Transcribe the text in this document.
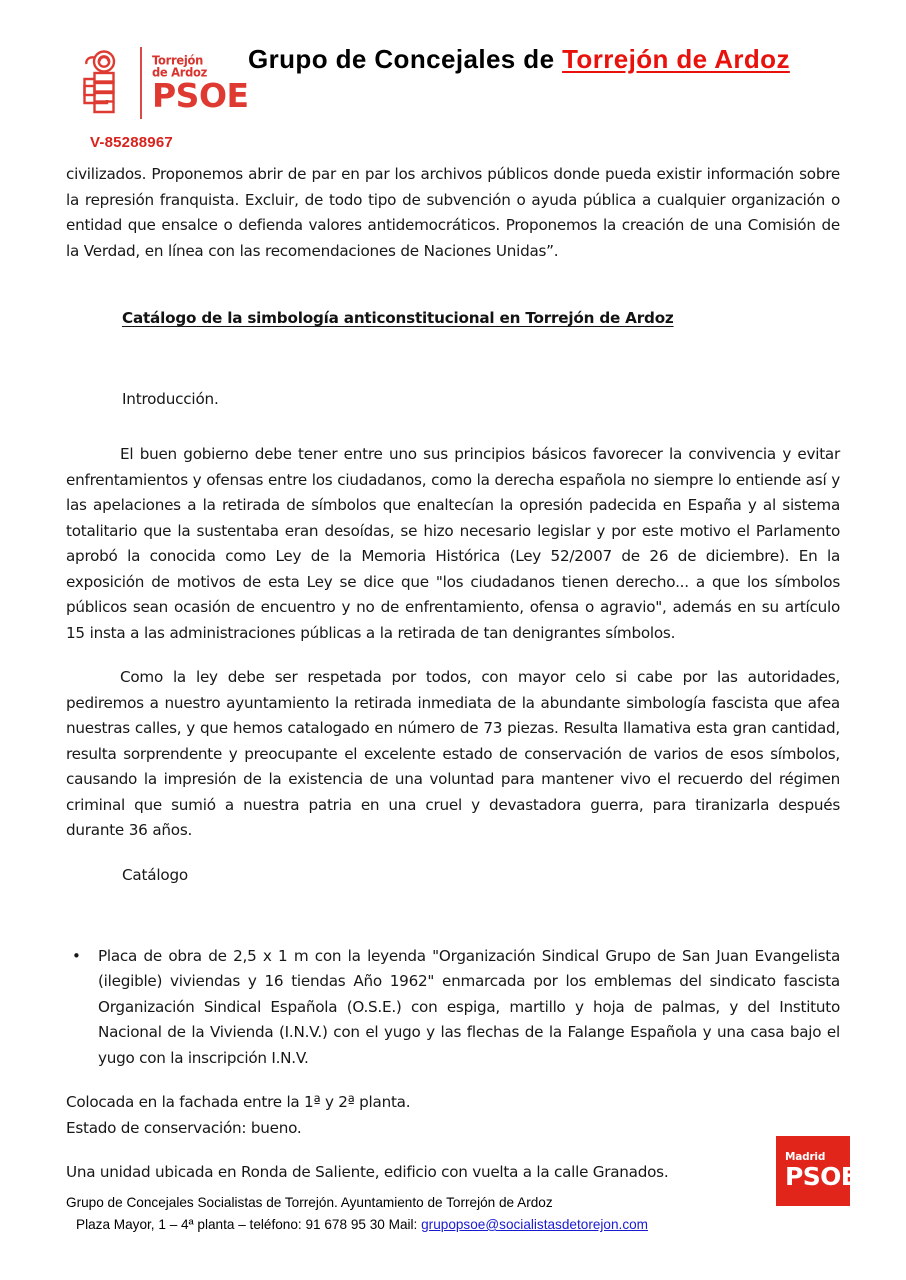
Torrejón
de Ardoz
PSOE
Grupo de Concejales de Torrejón de Ardoz
V-85288967

civilizados. Proponemos abrir de par en par los archivos públicos donde pueda existir información sobre la represión franquista. Excluir, de todo tipo de subvención o ayuda pública a cualquier organización o entidad que ensalce o defienda valores antidemocráticos. Proponemos la creación de una Comisión de la Verdad, en línea con las recomendaciones de Naciones Unidas”.

Catálogo de la simbología anticonstitucional en Torrejón de Ardoz

Introducción.

El buen gobierno debe tener entre uno sus principios básicos favorecer la convivencia y evitar enfrentamientos y ofensas entre los ciudadanos, como la derecha española no siempre lo entiende así y las apelaciones a la retirada de símbolos que enaltecían la opresión padecida en España y al sistema totalitario que la sustentaba eran desoídas, se hizo necesario legislar y por este motivo el Parlamento aprobó la conocida como Ley de la Memoria Histórica (Ley 52/2007 de 26 de diciembre). En la exposición de motivos de esta Ley se dice que "los ciudadanos tienen derecho... a que los símbolos públicos sean ocasión de encuentro y no de enfrentamiento, ofensa o agravio", además en su artículo 15 insta a las administraciones públicas a la retirada de tan denigrantes símbolos.

Como la ley debe ser respetada por todos, con mayor celo si cabe por las autoridades, pediremos a nuestro ayuntamiento la retirada inmediata de la abundante simbología fascista que afea nuestras calles, y que hemos catalogado en número de 73 piezas. Resulta llamativa esta gran cantidad, resulta sorprendente y preocupante el excelente estado de conservación de varios de esos símbolos, causando la impresión de la existencia de una voluntad para mantener vivo el recuerdo del régimen criminal que sumió a nuestra patria en una cruel y devastadora guerra, para tiranizarla después durante 36 años.

Catálogo

•	Placa de obra de 2,5 x 1 m con la leyenda "Organización Sindical Grupo de San Juan Evangelista (ilegible) viviendas y 16 tiendas Año 1962" enmarcada por los emblemas del sindicato fascista Organización Sindical Española (O.S.E.) con espiga, martillo y hoja de palmas, y del Instituto Nacional de la Vivienda (I.N.V.) con el yugo y las flechas de la Falange Española y una casa bajo el yugo con la inscripción I.N.V.

Colocada en la fachada entre la 1ª y 2ª planta.

Estado de conservación: bueno.

Una unidad ubicada en Ronda de Saliente, edificio con vuelta a la calle Granados.

Madrid
PSOE
Grupo de Concejales Socialistas de Torrejón. Ayuntamiento de Torrejón de Ardoz
Plaza Mayor, 1 – 4ª planta – teléfono: 91 678 95 30 Mail: grupopsoe@socialistasdetorejon.com
